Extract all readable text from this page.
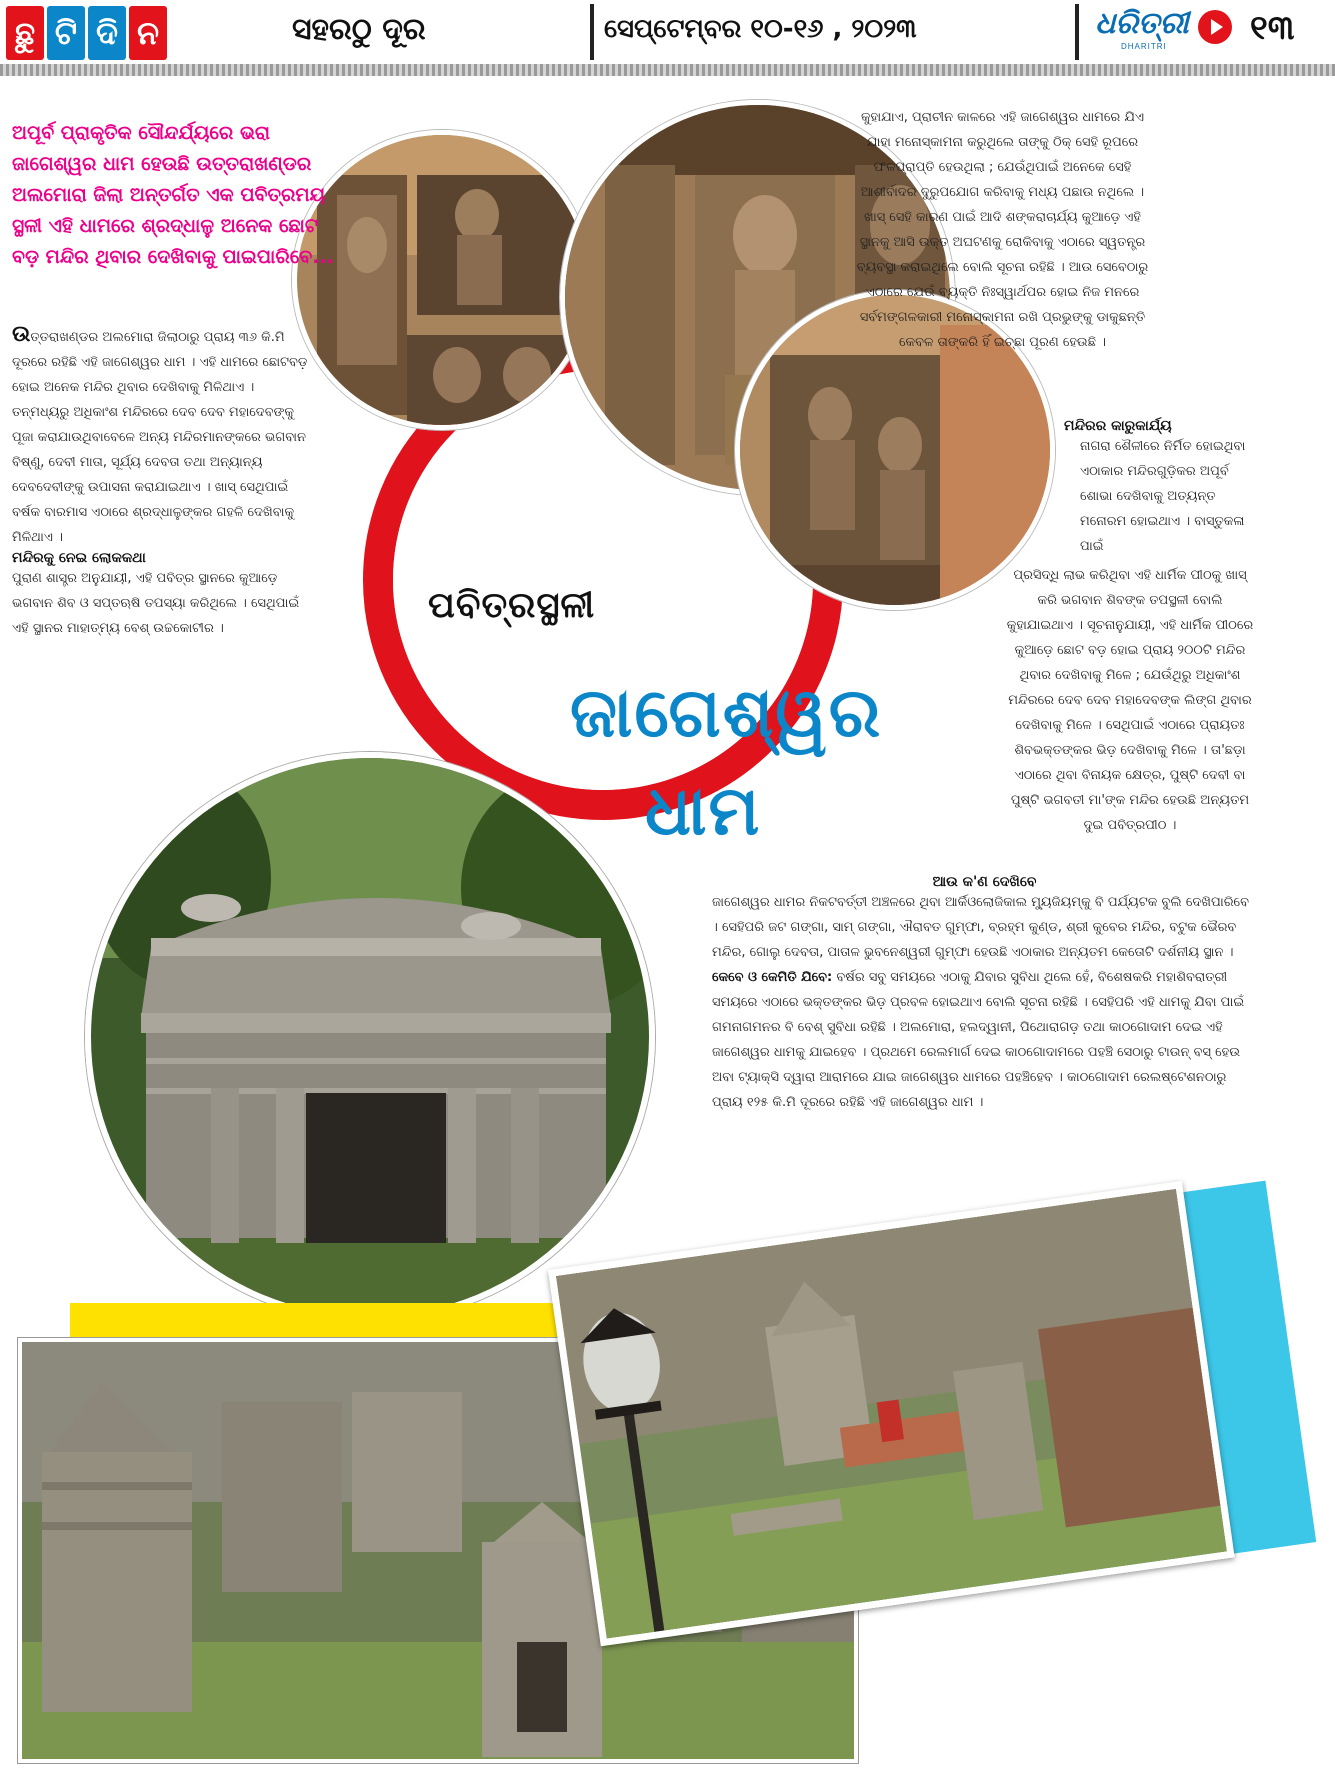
ଛୁ ଟି ଦି ନ	ସହରଠୁ ଦୂର	ସେପ୍ଟେମ୍ବର ୧୦-୧୬ , ୨୦୨୩	ଧରିତ୍ରୀ
DHARITRI ୧୩
ପବିତ୍ରସ୍ଥଳୀ
ଜାଗେଶ୍ୱର
ଧାମ
ଅପୂର୍ବ ପ୍ରାକୃତିକ ସୌନ୍ଦର୍ଯ୍ୟରେ ଭରା ଜାଗେଶ୍ୱର ଧାମ ହେଉଛି ଉତ୍ତରାଖଣ୍ଡର ଅଲମୋରା ଜିଲା ଅନ୍ତର୍ଗତ ଏକ ପବିତ୍ରମୟ ସ୍ଥଳୀ ଏହି ଧାମରେ ଶ୍ରଦ୍ଧାଳୁ ଅନେକ ଛୋଟ ବଡ଼ ମନ୍ଦିର ଥିବାର ଦେଖିବାକୁ ପାଇପାରିବେ...

ଉତ୍ତରାଖଣ୍ଡର ଅଲମୋରା ଜିଲାଠାରୁ ପ୍ରାୟ ୩୬ କି.ମି ଦୂରରେ ରହିଛି ଏହି ଜାଗେଶ୍ୱର ଧାମ । ଏହି ଧାମରେ ଛୋଟବଡ଼ ହୋଇ ଅନେକ ମନ୍ଦିର ଥିବାର ଦେଖିବାକୁ ମିଳିଥାଏ । ତନ୍ମଧ୍ୟରୁ ଅଧିକାଂଶ ମନ୍ଦିରରେ ଦେବ ଦେବ ମହାଦେବଙ୍କୁ ପୂଜା କରାଯାଉଥିବାବେଳେ ଅନ୍ୟ ମନ୍ଦିରମାନଙ୍କରେ ଭଗବାନ ବିଷ୍ଣୁ, ଦେବୀ ମାତା, ସୂର୍ଯ୍ୟ ଦେବତା ତଥା ଅନ୍ୟାନ୍ୟ ଦେବଦେବୀଙ୍କୁ ଉପାସନା କରାଯାଇଥାଏ । ଖାସ୍ ସେଥିପାଇଁ ବର୍ଷକ ବାରମାସ ଏଠାରେ ଶ୍ରଦ୍ଧାଳୁଙ୍କର ଗହଳି ଦେଖିବାକୁ ମିଳିଥାଏ ।

ମନ୍ଦିରକୁ ନେଇ ଲୋକକଥା

ପୁରାଣ ଶାସ୍ତ୍ର ଅନୁଯାୟୀ, ଏହି ପବିତ୍ର ସ୍ଥାନରେ କୁଆଡ଼େ ଭଗବାନ ଶିବ ଓ ସପ୍ତଋଷି ତପସ୍ୟା କରିଥିଲେ । ସେଥିପାଇଁ ଏହି ସ୍ଥାନର ମାହାତ୍ମ୍ୟ ବେଶ୍ ଉଚ୍ଚକୋଟୀର ।

କୁହାଯାଏ, ପ୍ରାଚୀନ କାଳରେ ଏହି ଜାଗେଶ୍ୱର ଧାମରେ ଯିଏ ଯାହା ମନୋସ୍କାମନା କରୁଥିଲେ ତାଙ୍କୁ ଠିକ୍ ସେହି ରୂପରେ ଫଳପ୍ରାପ୍ତି ହେଉଥିଲା ; ଯେଉଁଥିପାଇଁ ଅନେକେ ସେହି ଆଶୀର୍ବାଦର ଦୁରୁପଯୋଗ କରିବାକୁ ମଧ୍ୟ ପଛାଉ ନଥିଲେ । ଖାସ୍ ସେହି କାରଣ ପାଇଁ ଆଦି ଶଙ୍କରାଚାର୍ଯ୍ୟ କୁଆଡ଼େ ଏହି ସ୍ଥାନକୁ ଆସି ଉକ୍ତ ଅଘଟଣକୁ ରୋକିବାକୁ ଏଠାରେ ସ୍ୱତନ୍ତ୍ର ବ୍ୟବସ୍ଥା କରାଇଥିଲେ ବୋଲି ସୂଚନା ରହିଛି । ଆଉ ସେବେଠାରୁ ଏଠାରେ ଯେଉଁ ବ୍ୟକ୍ତି ନିଃସ୍ୱାର୍ଥପର ହୋଇ ନିଜ ମନରେ ସର୍ବମଙ୍ଗଳକାରୀ ମନୋସ୍କାମନା ରଖି ପ୍ରଭୁଙ୍କୁ ଡାକୁଛନ୍ତି କେବଳ ତାଙ୍କରି ହିଁ ଇଚ୍ଛା ପୂରଣ ହେଉଛି ।

ମନ୍ଦିରର କାରୁକାର୍ଯ୍ୟ

ନାଗରା ଶୈଳୀରେ ନିର୍ମିତ ହୋଇଥିବା ଏଠାକାର ମନ୍ଦିରଗୁଡ଼ିକର ଅପୂର୍ବ ଶୋଭା ଦେଖିବାକୁ ଅତ୍ୟନ୍ତ ମନୋରମ ହୋଇଥାଏ । ବାସ୍ତୁକଳା ପାଇଁ

ପ୍ରସିଦ୍ଧି ଲାଭ କରିଥିବା ଏହି ଧାର୍ମିକ ପୀଠକୁ ଖାସ୍ କରି ଭଗବାନ ଶିବଙ୍କ ତପସ୍ଥଳୀ ବୋଲି କୁହାଯାଇଥାଏ । ସୂଚନାନୁଯାୟୀ, ଏହି ଧାର୍ମିକ ପୀଠରେ କୁଆଡ଼େ ଛୋଟ ବଡ଼ ହୋଇ ପ୍ରାୟ ୨୦୦ଟି ମନ୍ଦିର ଥିବାର ଦେଖିବାକୁ ମିଳେ ; ଯେଉଁଥିରୁ ଅଧିକାଂଶ ମନ୍ଦିରରେ ଦେବ ଦେବ ମହାଦେବଙ୍କ ଲିଙ୍ଗ ଥିବାର ଦେଖିବାକୁ ମିଳେ । ସେଥିପାଇଁ ଏଠାରେ ପ୍ରାୟତଃ ଶିବଭକ୍ତଙ୍କର ଭିଡ଼ ଦେଖିବାକୁ ମିଳେ । ତା'ଛଡ଼ା ଏଠାରେ ଥିବା ବିନାୟକ କ୍ଷେତ୍ର, ପୁଷ୍ଟି ଦେବୀ ବା ପୁଷ୍ଟି ଭଗବତୀ ମା'ଙ୍କ ମନ୍ଦିର ହେଉଛି ଅନ୍ୟତମ ଦୁଇ ପବିତ୍ରପୀଠ ।

ଆଉ କ'ଣ ଦେଖିବେ

ଜାଗେଶ୍ୱର ଧାମର ନିକଟବର୍ତ୍ତୀ ଅଞ୍ଚଳରେ ଥିବା ଆର୍କିଓଲୋଜିକାଲ ମ୍ୟୁଜିୟମ୍‌କୁ ବି ପର୍ଯ୍ୟଟକ ବୁଲି ଦେଖିପାରିବେ । ସେହିପରି ଜଟ ଗଙ୍ଗା, ସାମ୍ ଗଙ୍ଗା, ଐରାବତ ଗୁମ୍ଫା, ବ୍ରହ୍ମ କୁଣ୍ଡ, ଶ୍ରୀ କୁବେର ମନ୍ଦିର, ବଟୁକ ଭୈରବ ମନ୍ଦିର, ଗୋଲୁ ଦେବତା, ପାତାଳ ଭୁବନେଶ୍ୱରୀ ଗୁମ୍ଫା ହେଉଛି ଏଠାକାର ଅନ୍ୟତମ କେତୋଟି ଦର୍ଶନୀୟ ସ୍ଥାନ ।

କେବେ ଓ କେମିତି ଯିବେ: ବର୍ଷର ସବୁ ସମୟରେ ଏଠାକୁ ଯିବାର ସୁବିଧା ଥିଲେ ହେଁ, ବିଶେଷକରି ମହାଶିବରାତ୍ରୀ ସମୟରେ ଏଠାରେ ଭକ୍ତଙ୍କର ଭିଡ଼ ପ୍ରବଳ ହୋଇଥାଏ ବୋଲି ସୂଚନା ରହିଛି । ସେହିପରି ଏହି ଧାମକୁ ଯିବା ପାଇଁ ଗମନାଗମନର ବି ବେଶ୍ ସୁବିଧା ରହିଛି । ଅଲମୋରା, ହଲଦ୍ୱାନୀ, ପିଥୋରାଗଡ଼ ତଥା କାଠଗୋଦାମ ଦେଇ ଏହି ଜାଗେଶ୍ୱର ଧାମକୁ ଯାଇହେବ । ପ୍ରଥମେ ରେଲମାର୍ଗ ଦେଇ କାଠଗୋଦାମରେ ପହଞ୍ଚି ସେଠାରୁ ଟାଉନ୍ ବସ୍ ହେଉ ଅବା ଟ୍ୟାକ୍ସି ଦ୍ୱାରା ଆରାମରେ ଯାଇ ଜାଗେଶ୍ୱର ଧାମରେ ପହଞ୍ଚିହେବ । କାଠଗୋଦାମ ରେଲଷ୍ଟେଶନଠାରୁ ପ୍ରାୟ ୧୨୫ କି.ମି ଦୂରରେ ରହିଛି ଏହି ଜାଗେଶ୍ୱର ଧାମ ।
